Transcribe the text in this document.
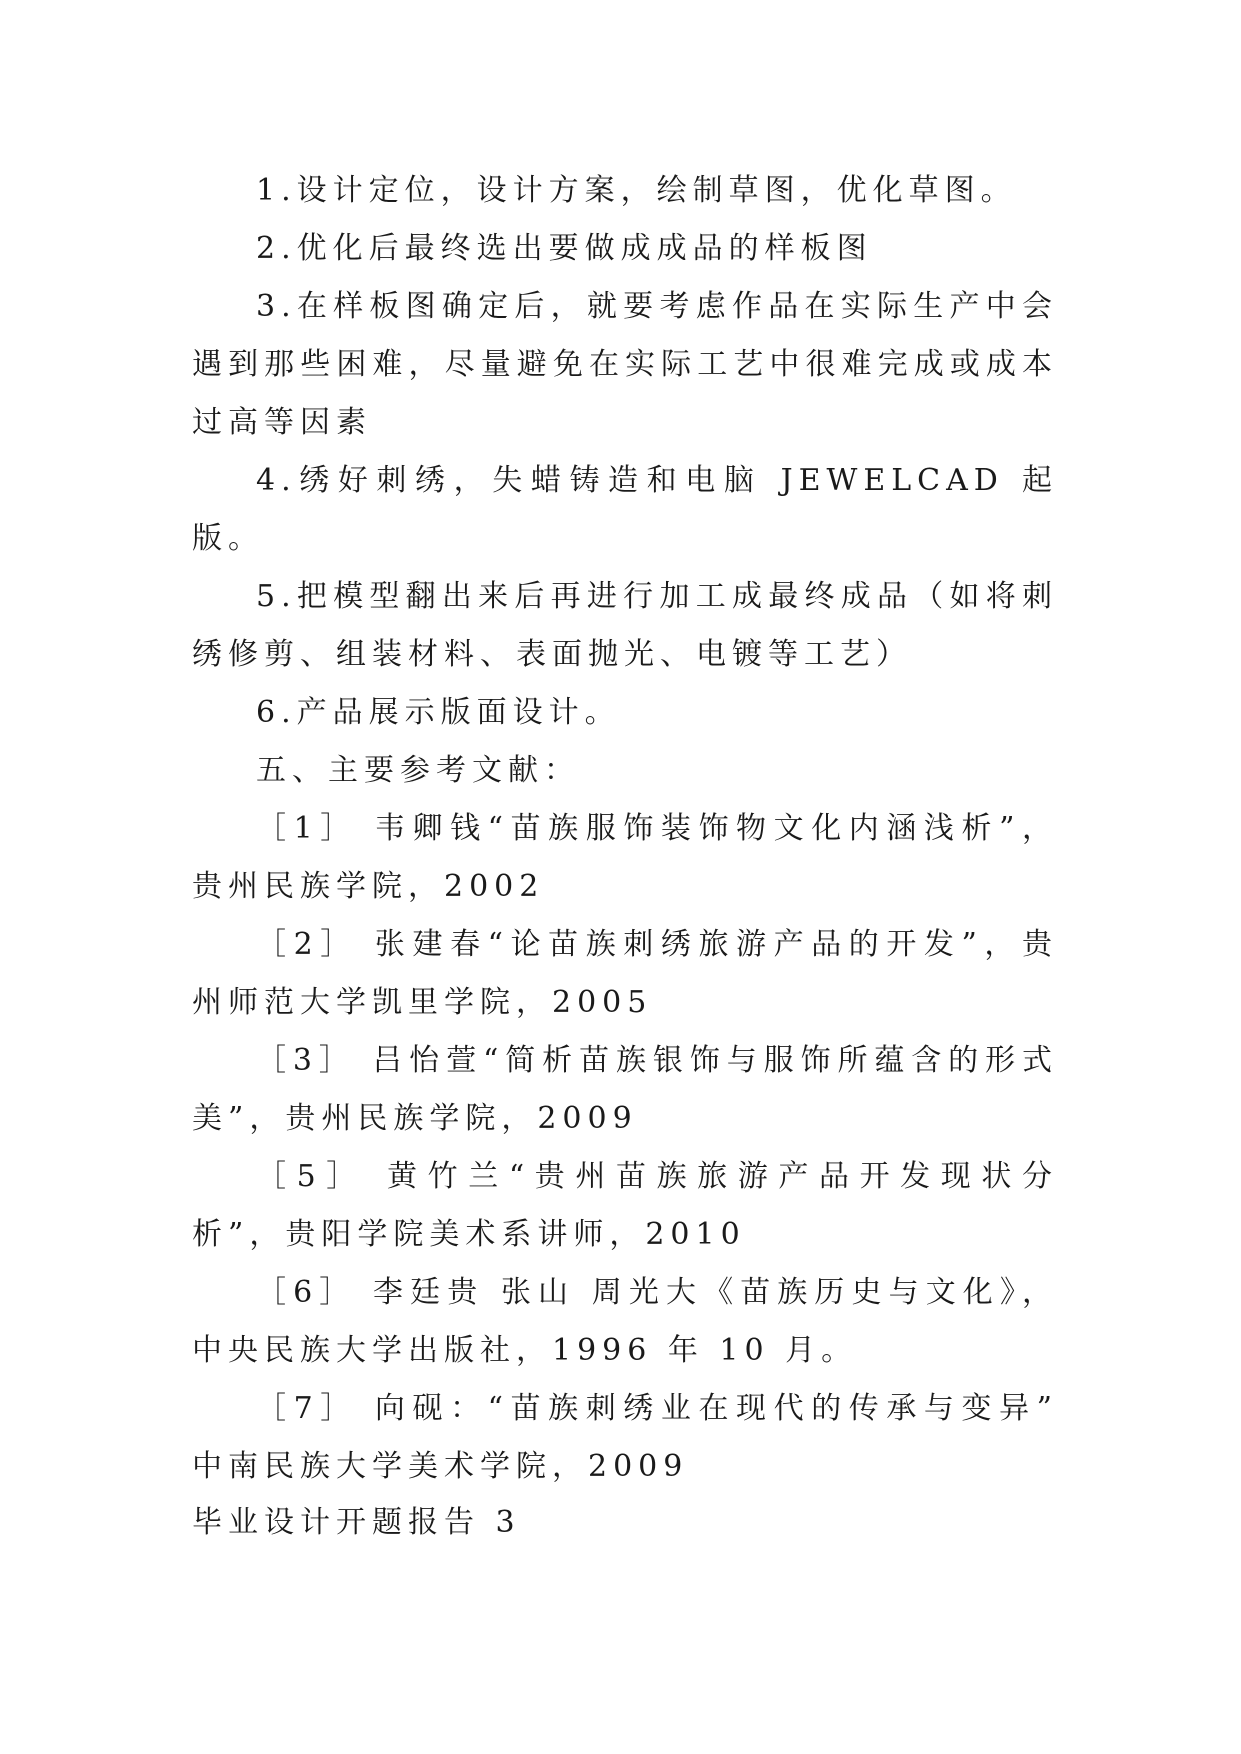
1.设计定位，设计方案，绘制草图，优化草图。

2.优化后最终选出要做成成品的样板图

3.在样板图确定后，就要考虑作品在实际生产中会遇到那些困难，尽量避免在实际工艺中很难完成或成本过高等因素

4.绣好刺绣，失蜡铸造和电脑 JEWELCAD 起版。

5.把模型翻出来后再进行加工成最终成品（如将刺绣修剪、组装材料、表面抛光、电镀等工艺）

6.产品展示版面设计。

五、主要参考文献：

［1］ 韦卿钱“苗族服饰装饰物文化内涵浅析”， 贵州民族学院，2002

［2］ 张建春“论苗族刺绣旅游产品的开发”，贵州师范大学凯里学院，2005

［3］ 吕怡萱“简析苗族银饰与服饰所蕴含的形式美”，贵州民族学院，2009

［5］ 黄竹兰“贵州苗族旅游产品开发现状分析”，贵阳学院美术系讲师，2010

［6］ 李廷贵 张山 周光大《苗族历史与文化》，中央民族大学出版社，1996 年 10 月。

［7］ 向砚：“苗族刺绣业在现代的传承与变异” 中南民族大学美术学院，2009

毕业设计开题报告 3
